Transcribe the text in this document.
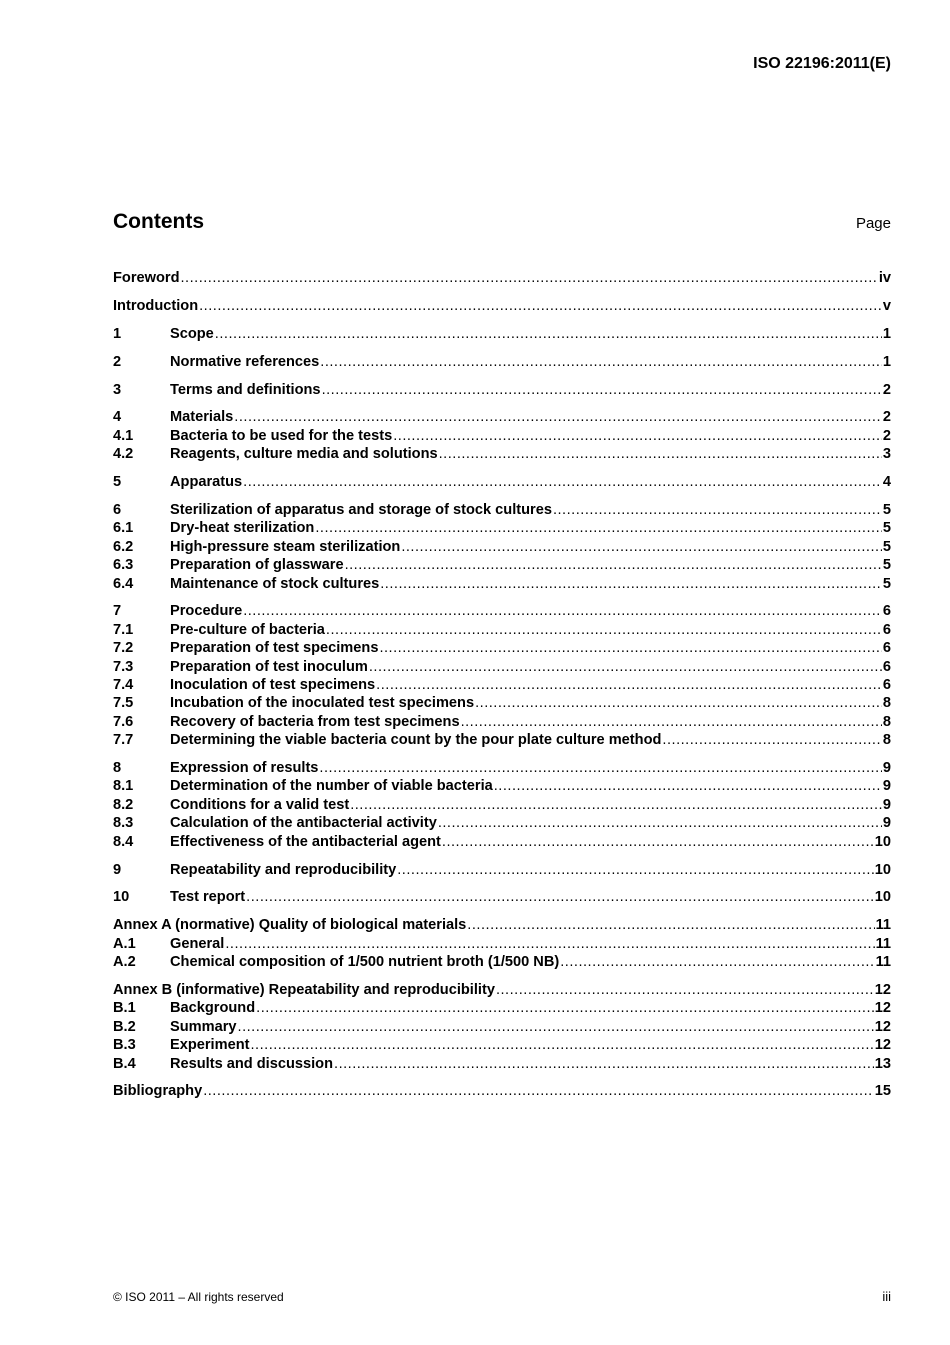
ISO 22196:2011(E)
Contents	Page
Foreword .....	iv
Introduction .....	v
1	Scope .....	1
2	Normative references .....	1
3	Terms and definitions .....	2
4	Materials .....	2
4.1	Bacteria to be used for the tests .....	2
4.2	Reagents, culture media and solutions .....	3
5	Apparatus .....	4
6	Sterilization of apparatus and storage of stock cultures .....	5
6.1	Dry-heat sterilization .....	5
6.2	High-pressure steam sterilization .....	5
6.3	Preparation of glassware .....	5
6.4	Maintenance of stock cultures .....	5
7	Procedure .....	6
7.1	Pre-culture of bacteria .....	6
7.2	Preparation of test specimens .....	6
7.3	Preparation of test inoculum .....	6
7.4	Inoculation of test specimens .....	6
7.5	Incubation of the inoculated test specimens .....	8
7.6	Recovery of bacteria from test specimens .....	8
7.7	Determining the viable bacteria count by the pour plate culture method .....	8
8	Expression of results .....	9
8.1	Determination of the number of viable bacteria .....	9
8.2	Conditions for a valid test .....	9
8.3	Calculation of the antibacterial activity .....	9
8.4	Effectiveness of the antibacterial agent .....	10
9	Repeatability and reproducibility .....	10
10	Test report .....	10
Annex A (normative) Quality of biological materials .....	11
A.1	General .....	11
A.2	Chemical composition of 1/500 nutrient broth (1/500 NB) .....	11
Annex B (informative) Repeatability and reproducibility .....	12
B.1	Background .....	12
B.2	Summary .....	12
B.3	Experiment .....	12
B.4	Results and discussion .....	13
Bibliography .....	15
© ISO 2011 – All rights reserved	iii
